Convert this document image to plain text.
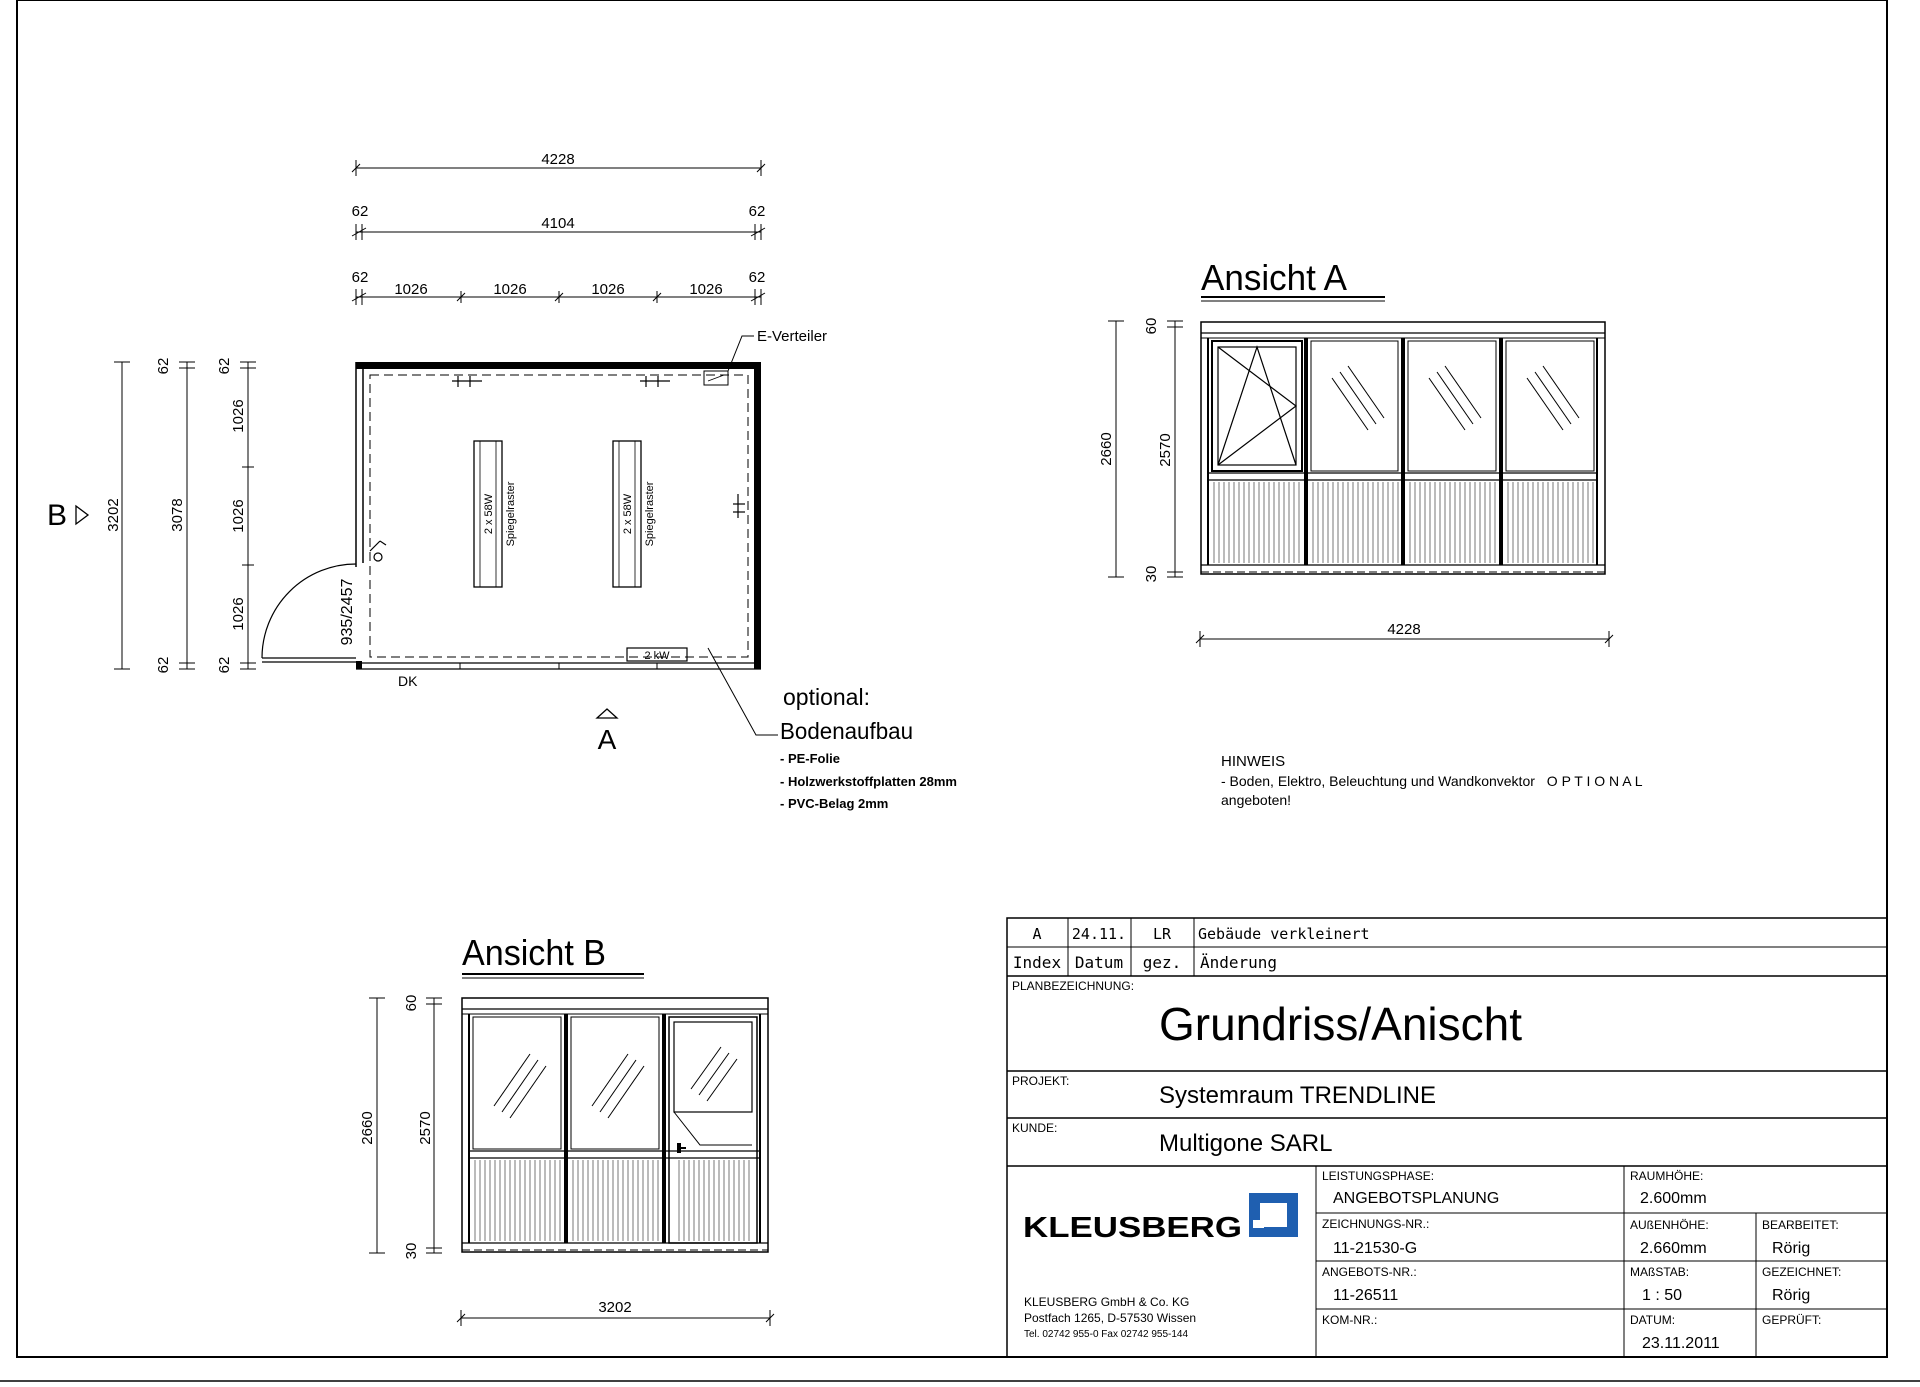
4228
62
4104
62
62
1026	1026	1026	1026
62
3202
62
3078
62
62
1026
1026
1026
62
B
935/2457
DK
E-Verteiler
2 x 58W Spiegelraster	2 x 58W Spiegelraster
2 kW
A
optional:
Bodenaufbau
- PE-Folie
- Holzwerkstoffplatten 28mm
- PVC-Belag 2mm
Ansicht A
2660
60
2570
30
4228
HINWEIS
- Boden, Elektro, Beleuchtung und Wandkonvektor O P T I O N A L
angeboten!
Ansicht B
2660
60
2570
30
3202
A 24.11. LR Gebäude verkleinert
Index Datum gez. Änderung
PLANBEZEICHNUNG:
Grundriss/Anischt
PROJEKT:
Systemraum TRENDLINE
KUNDE:
Multigone SARL
KLEUSBERG
KLEUSBERG GmbH & Co. KG
Postfach 1265, D-57530 Wissen
Tel. 02742 955-0 Fax 02742 955-144
LEISTUNGSPHASE:
ANGEBOTSPLANUNG
ZEICHNUNGS-NR.:
11-21530-G
ANGEBOTS-NR.:
11-26511
KOM-NR.:
RAUMHÖHE:
2.600mm
AUßENHÖHE:
2.660mm
MAßSTAB:
1 : 50
DATUM:
23.11.2011
BEARBEITET:
Rörig
GEZEICHNET:
Rörig
GEPRÜFT:
